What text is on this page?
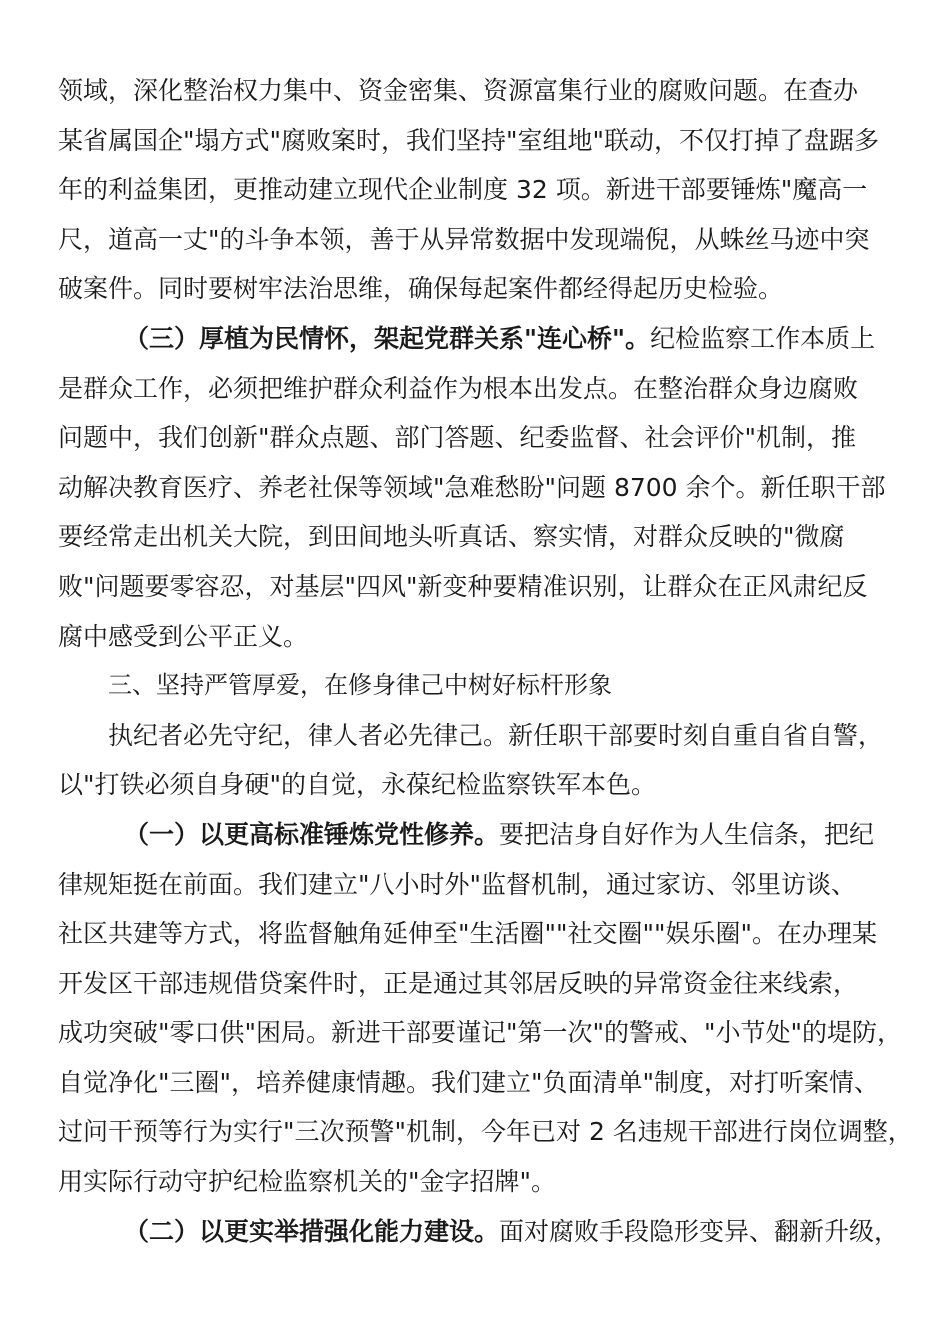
领域，深化整治权力集中、资金密集、资源富集行业的腐败问题。在查办
某省属国企"塌方式"腐败案时，我们坚持"室组地"联动，不仅打掉了盘踞多
年的利益集团，更推动建立现代企业制度 32 项。新进干部要锤炼"魔高一
尺，道高一丈"的斗争本领，善于从异常数据中发现端倪，从蛛丝马迹中突
破案件。同时要树牢法治思维，确保每起案件都经得起历史检验。
（三）厚植为民情怀，架起党群关系"连心桥"。纪检监察工作本质上
是群众工作，必须把维护群众利益作为根本出发点。在整治群众身边腐败
问题中，我们创新"群众点题、部门答题、纪委监督、社会评价"机制，推
动解决教育医疗、养老社保等领域"急难愁盼"问题 8700 余个。新任职干部
要经常走出机关大院，到田间地头听真话、察实情，对群众反映的"微腐
败"问题要零容忍，对基层"四风"新变种要精准识别，让群众在正风肃纪反
腐中感受到公平正义。
三、坚持严管厚爱，在修身律己中树好标杆形象
执纪者必先守纪，律人者必先律己。新任职干部要时刻自重自省自警，
以"打铁必须自身硬"的自觉，永葆纪检监察铁军本色。
（一）以更高标准锤炼党性修养。要把洁身自好作为人生信条，把纪
律规矩挺在前面。我们建立"八小时外"监督机制，通过家访、邻里访谈、
社区共建等方式，将监督触角延伸至"生活圈""社交圈""娱乐圈"。在办理某
开发区干部违规借贷案件时，正是通过其邻居反映的异常资金往来线索，
成功突破"零口供"困局。新进干部要谨记"第一次"的警戒、"小节处"的堤防，
自觉净化"三圈"，培养健康情趣。我们建立"负面清单"制度，对打听案情、
过问干预等行为实行"三次预警"机制，今年已对 2 名违规干部进行岗位调整，
用实际行动守护纪检监察机关的"金字招牌"。
（二）以更实举措强化能力建设。面对腐败手段隐形变异、翻新升级，
